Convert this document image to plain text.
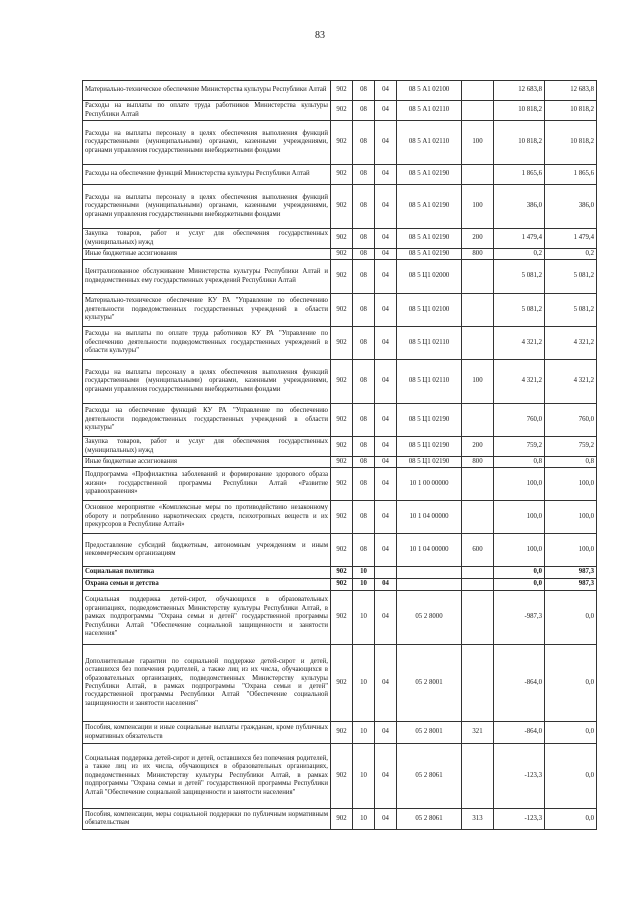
83
Материально-техническое обеспечение Министерства культуры Республики Алтай	902	08	04	08 5 А1 02100		12 683,8	12 683,8
Расходы на выплаты по оплате труда работников Министерства культуры Республики Алтай	902	08	04	08 5 А1 02110		10 818,2	10 818,2
Расходы на выплаты персоналу в целях обеспечения выполнения функций государственными (муниципальными) органами, казенными учреждениями, органами управления государственными внебюджетными фондами	902	08	04	08 5 А1 02110	100	10 818,2	10 818,2
Расходы на обеспечение функций Министерства культуры Республики Алтай	902	08	04	08 5 А1 02190		1 865,6	1 865,6
Расходы на выплаты персоналу в целях обеспечения выполнения функций государственными (муниципальными) органами, казенными учреждениями, органами управления государственными внебюджетными фондами	902	08	04	08 5 А1 02190	100	386,0	386,0
Закупка товаров, работ и услуг для обеспечения государственных (муниципальных) нужд	902	08	04	08 5 А1 02190	200	1 479,4	1 479,4
Иные бюджетные ассигнования	902	08	04	08 5 А1 02190	800	0,2	0,2
Централизованное обслуживание Министерства культуры Республики Алтай и подведомственных ему государственных учреждений Республики Алтай	902	08	04	08 5 Ц1 02000		5 081,2	5 081,2
Материально-техническое обеспечение КУ РА "Управление по обеспечению деятельности подведомственных государственных учреждений в области культуры"	902	08	04	08 5 Ц1 02100		5 081,2	5 081,2
Расходы на выплаты по оплате труда работников КУ РА "Управление по обеспечению деятельности подведомственных государственных учреждений в области культуры"	902	08	04	08 5 Ц1 02110		4 321,2	4 321,2
Расходы на выплаты персоналу в целях обеспечения выполнения функций государственными (муниципальными) органами, казенными учреждениями, органами управления государственными внебюджетными фондами	902	08	04	08 5 Ц1 02110	100	4 321,2	4 321,2
Расходы на обеспечение функций КУ РА "Управление по обеспечению деятельности подведомственных государственных учреждений в области культуры"	902	08	04	08 5 Ц1 02190		760,0	760,0
Закупка товаров, работ и услуг для обеспечения государственных (муниципальных) нужд	902	08	04	08 5 Ц1 02190	200	759,2	759,2
Иные бюджетные ассигнования	902	08	04	08 5 Ц1 02190	800	0,8	0,8
Подпрограмма «Профилактика заболеваний и формирование здорового образа жизни» государственной программы Республики Алтай «Развитие здравоохранения»	902	08	04	10 1 00 00000		100,0	100,0
Основное мероприятие «Комплексные меры по противодействию незаконному обороту и потреблению наркотических средств, психотропных веществ и их прекурсоров в Республике Алтай»	902	08	04	10 1 04 00000		100,0	100,0
Предоставление субсидий бюджетным, автономным учреждениям и иным некоммерческим организациям	902	08	04	10 1 04 00000	600	100,0	100,0
Социальная политика	902	10				0,0	987,3
Охрана семьи и детства	902	10	04			0,0	987,3
Социальная поддержка детей-сирот, обучающихся в образовательных организациях, подведомственных Министерству культуры Республики Алтай, в рамках подпрограммы "Охрана семьи и детей" государственной программы Республики Алтай "Обеспечение социальной защищенности и занятости населения"	902	10	04	05 2 8000		-987,3	0,0
Дополнительные гарантии по социальной поддержке детей-сирот и детей, оставшихся без попечения родителей, а также лиц из их числа, обучающихся в образовательных организациях, подведомственных Министерству культуры Республики Алтай, в рамках подпрограммы "Охрана семьи и детей" государственной программы Республики Алтай "Обеспечение социальной защищенности и занятости населения"	902	10	04	05 2 8001		-864,0	0,0
Пособия, компенсации и иные социальные выплаты гражданам, кроме публичных нормативных обязательств	902	10	04	05 2 8001	321	-864,0	0,0
Социальная поддержка детей-сирот и детей, оставшихся без попечения родителей, а также лиц из их числа, обучающихся в образовательных организациях, подведомственных Министерству культуры Республики Алтай, в рамках подпрограммы "Охрана семьи и детей" государственной программы Республики Алтай "Обеспечение социальной защищенности и занятости населения"	902	10	04	05 2 8061		-123,3	0,0
Пособия, компенсации, меры социальной поддержки по публичным нормативным обязательствам	902	10	04	05 2 8061	313	-123,3	0,0
